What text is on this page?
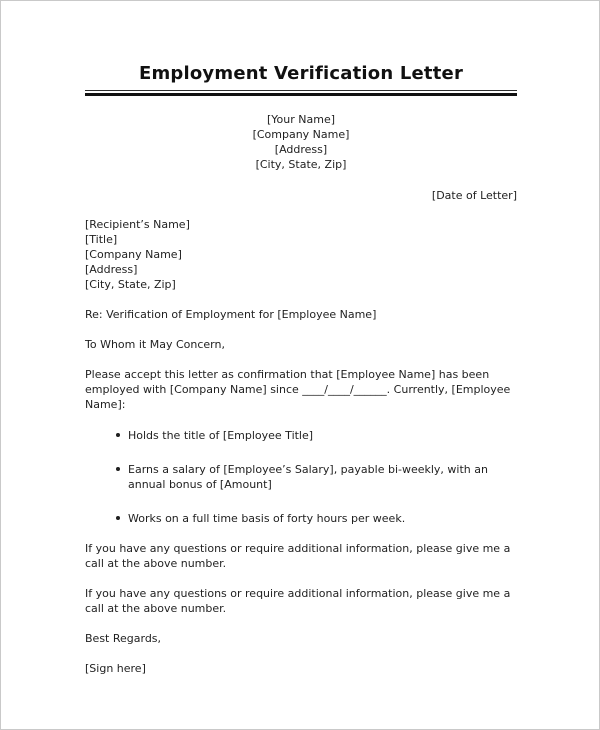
Employment Verification Letter

[Your Name]

[Company Name]

[Address]

[City, State, Zip]

[Date of Letter]

[Recipient’s Name]

[Title]

[Company Name]

[Address]

[City, State, Zip]

Re: Verification of Employment for [Employee Name]

To Whom it May Concern,

Please accept this letter as confirmation that [Employee Name] has been employed with [Company Name] since ____/____/______. Currently, [Employee Name]:

Holds the title of [Employee Title]
Earns a salary of [Employee’s Salary], payable bi-weekly, with an annual bonus of [Amount]
Works on a full time basis of forty hours per week.

If you have any questions or require additional information, please give me a call at the above number.

If you have any questions or require additional information, please give me a call at the above number.

Best Regards,

[Sign here]
